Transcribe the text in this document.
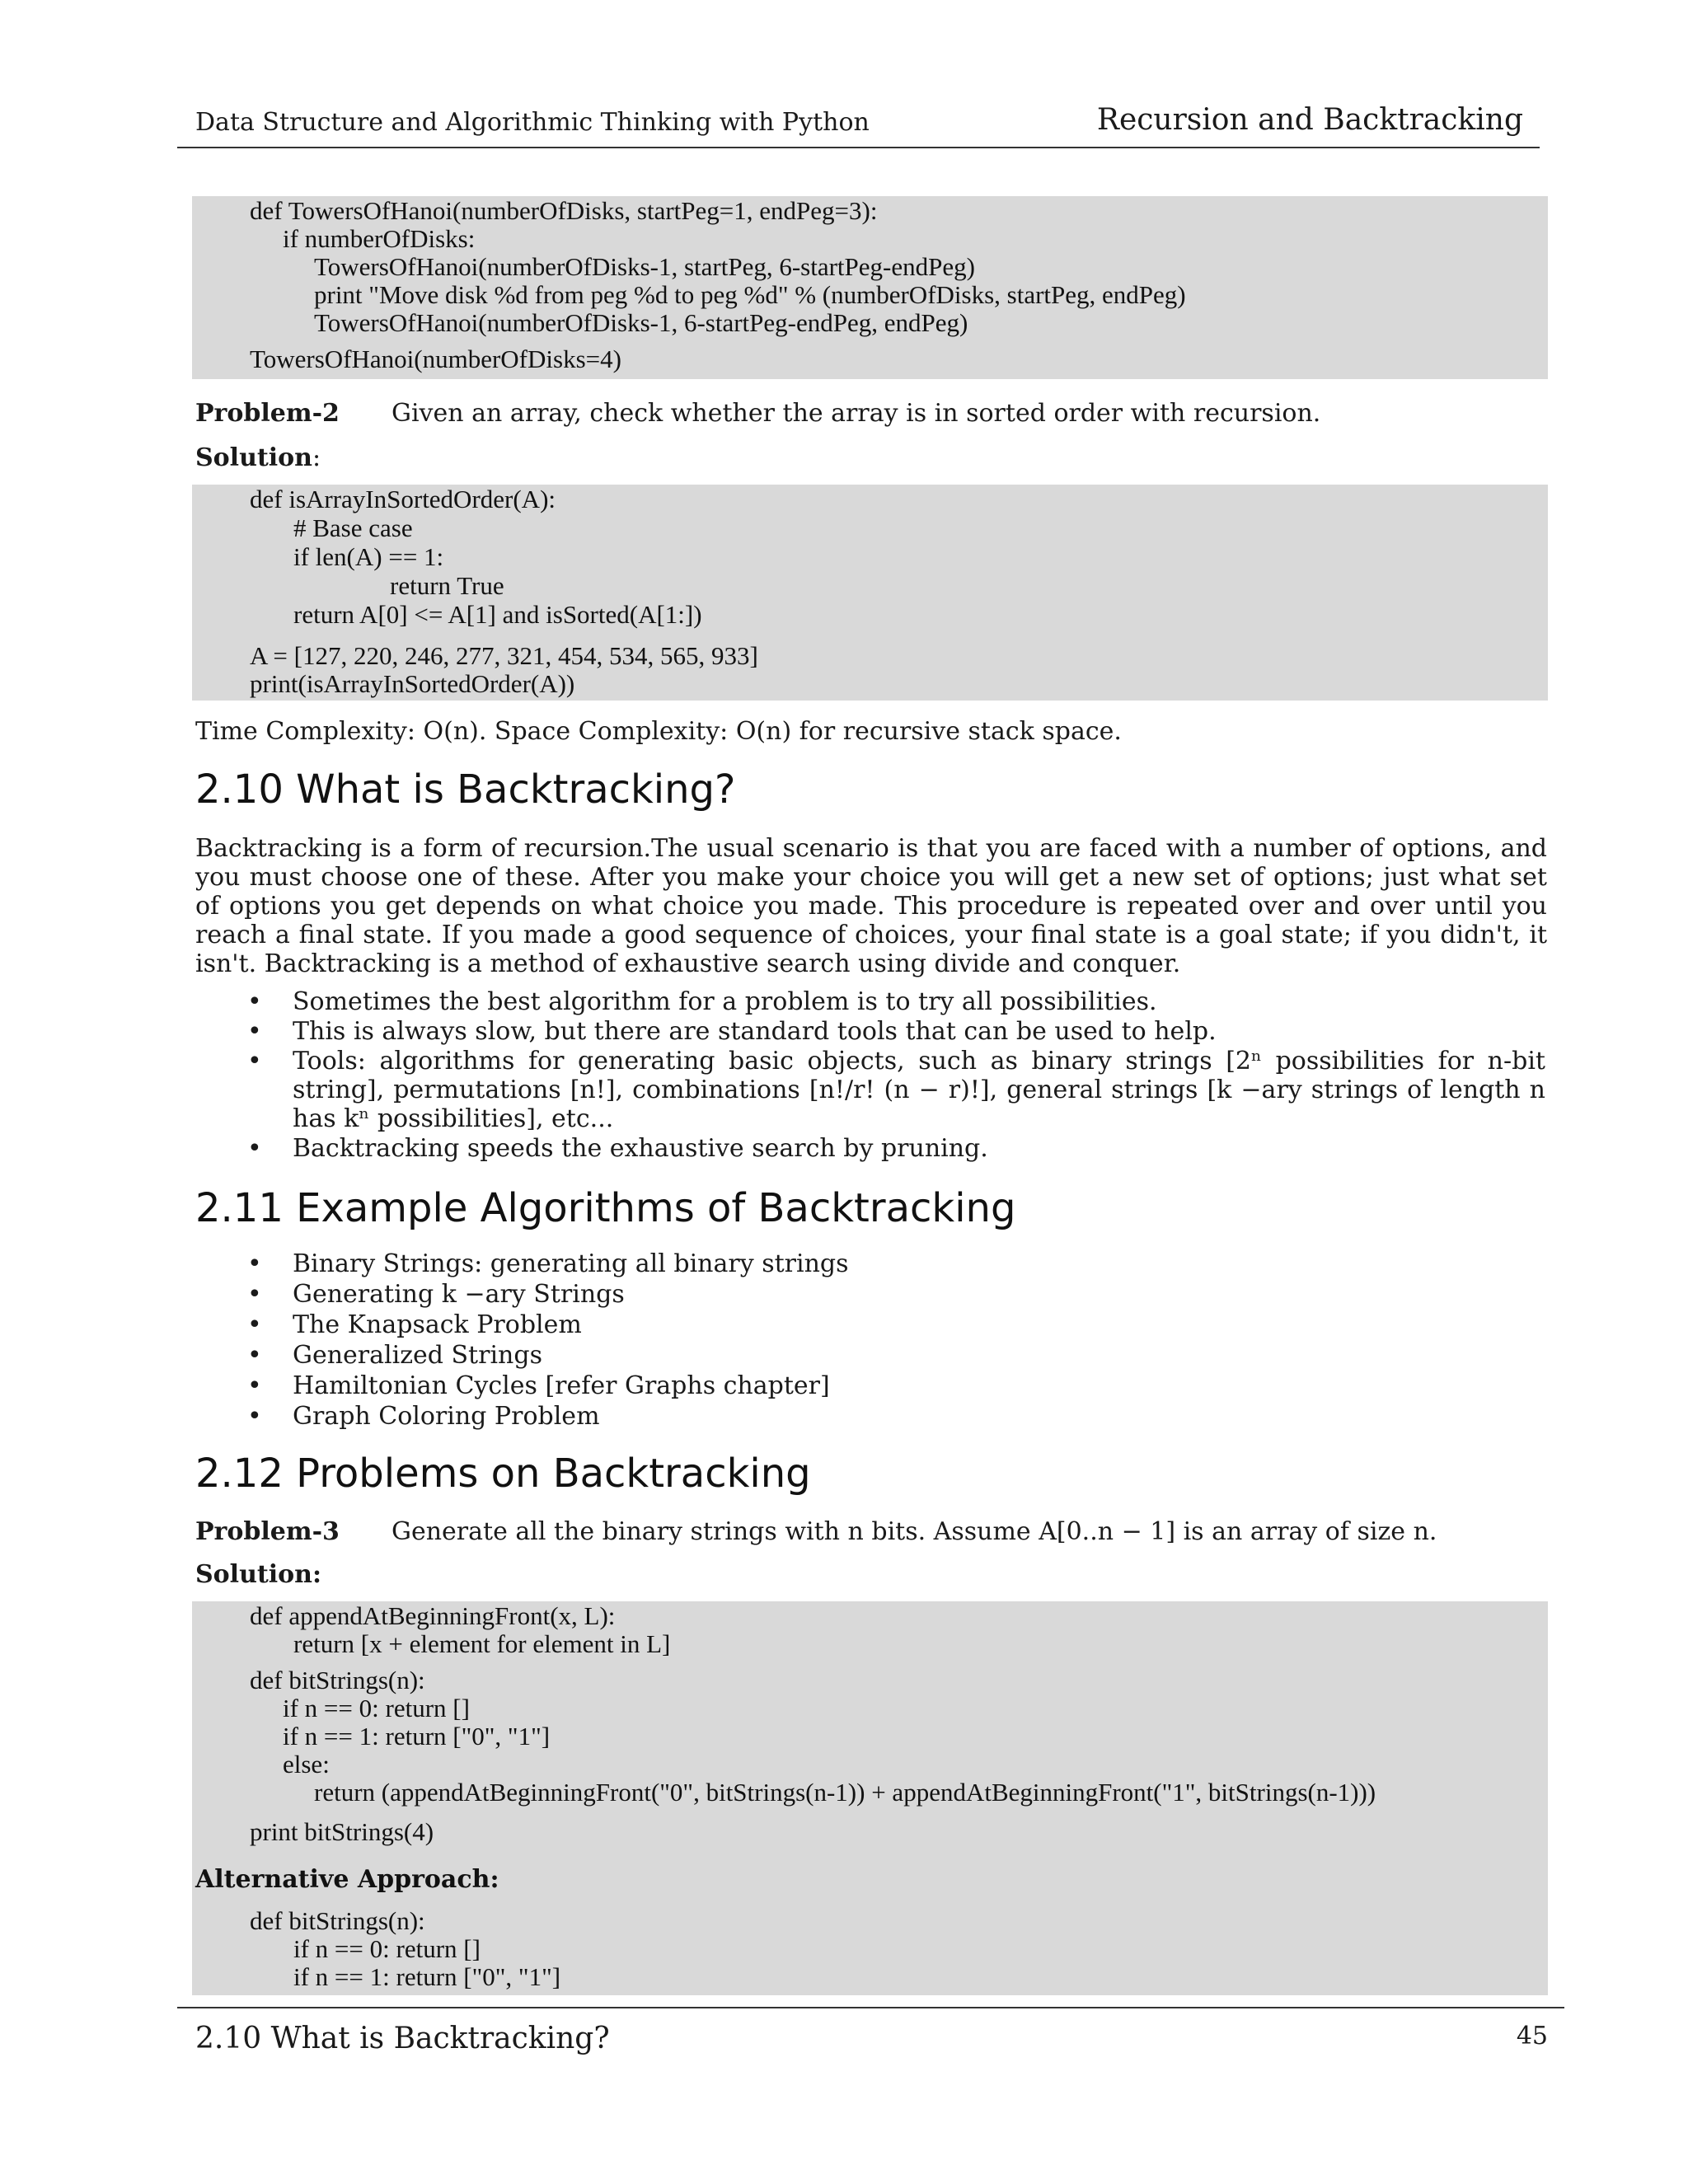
Data Structure and Algorithmic Thinking with Python	Recursion and Backtracking
def TowersOfHanoi(numberOfDisks, startPeg=1, endPeg=3):
if numberOfDisks:
TowersOfHanoi(numberOfDisks-1, startPeg, 6-startPeg-endPeg)
print "Move disk %d from peg %d to peg %d" % (numberOfDisks, startPeg, endPeg)
TowersOfHanoi(numberOfDisks-1, 6-startPeg-endPeg, endPeg)
TowersOfHanoi(numberOfDisks=4)
Problem-2 Given an array, check whether the array is in sorted order with recursion.
Solution:
def isArrayInSortedOrder(A):
# Base case
if len(A) == 1:
return True
return A[0] <= A[1] and isSorted(A[1:])
A = [127, 220, 246, 277, 321, 454, 534, 565, 933]
print(isArrayInSortedOrder(A))
Time Complexity: O(n). Space Complexity: O(n) for recursive stack space.
2.10 What is Backtracking?
Backtracking is a form of recursion.The usual scenario is that you are faced with a number of options, and you must choose one of these. After you make your choice you will get a new set of options; just what set of options you get depends on what choice you made. This procedure is repeated over and over until you reach a final state. If you made a good sequence of choices, your final state is a goal state; if you didn't, it isn't. Backtracking is a method of exhaustive search using divide and conquer.
• Sometimes the best algorithm for a problem is to try all possibilities.
• This is always slow, but there are standard tools that can be used to help.
• Tools: algorithms for generating basic objects, such as binary strings [2ⁿ possibilities for n-bit string], permutations [n!], combinations [n!/r! (n − r)!], general strings [k −ary strings of length n has kⁿ possibilities], etc...
• Backtracking speeds the exhaustive search by pruning.
2.11 Example Algorithms of Backtracking
• Binary Strings: generating all binary strings
• Generating k −ary Strings
• The Knapsack Problem
• Generalized Strings
• Hamiltonian Cycles [refer Graphs chapter]
• Graph Coloring Problem
2.12 Problems on Backtracking
Problem-3 Generate all the binary strings with n bits. Assume A[0..n − 1] is an array of size n.
Solution:
def appendAtBeginningFront(x, L):
return [x + element for element in L]
def bitStrings(n):
if n == 0: return []
if n == 1: return ["0", "1"]
else:
return (appendAtBeginningFront("0", bitStrings(n-1)) + appendAtBeginningFront("1", bitStrings(n-1)))
print bitStrings(4)
Alternative Approach:
def bitStrings(n):
if n == 0: return []
if n == 1: return ["0", "1"]
2.10 What is Backtracking?	45
